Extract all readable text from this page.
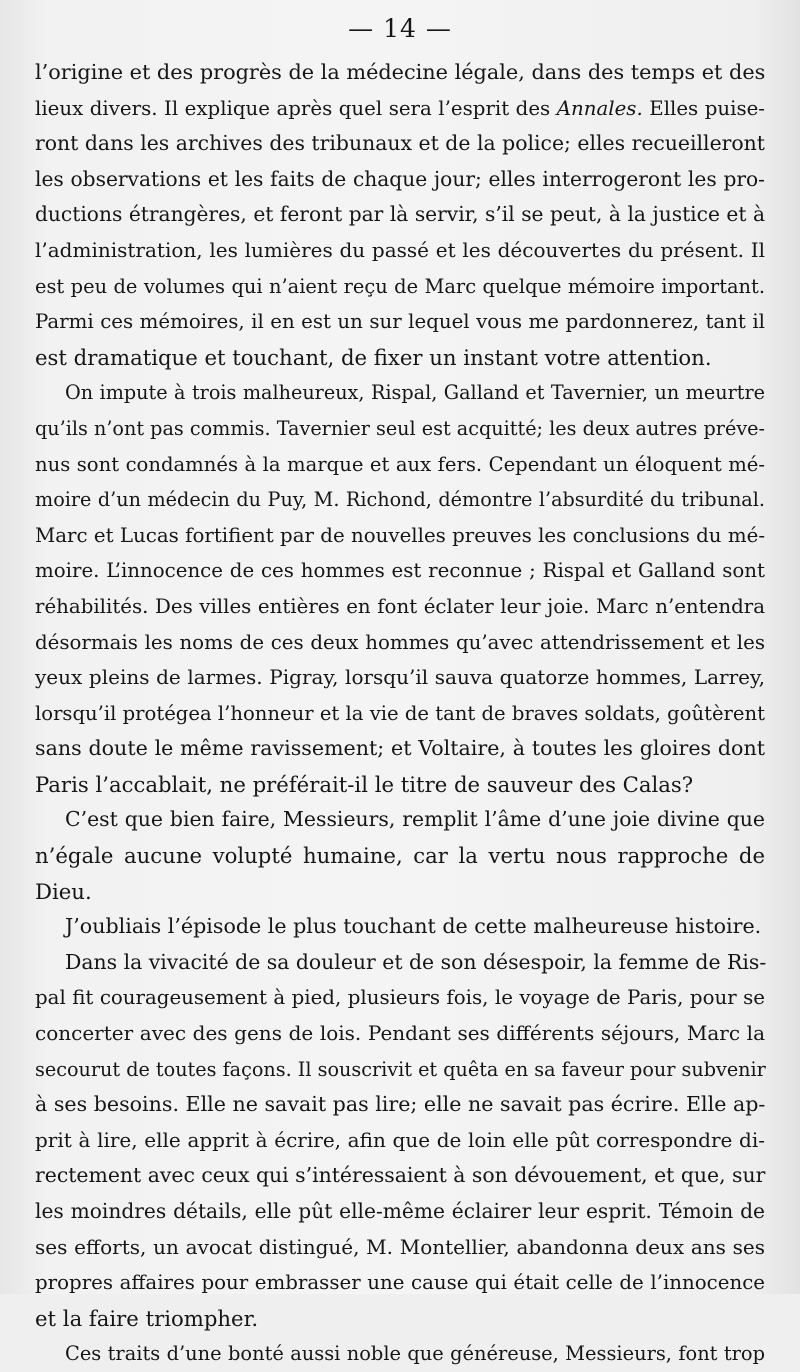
— 14 —
l’origine et des progrès de la médecine légale, dans des temps et des
lieux divers. Il explique après quel sera l’esprit des Annales. Elles puise-
ront dans les archives des tribunaux et de la police; elles recueilleront
les observations et les faits de chaque jour; elles interrogeront les pro-
ductions étrangères, et feront par là servir, s’il se peut, à la justice et à
l’administration, les lumières du passé et les découvertes du présent. Il
est peu de volumes qui n’aient reçu de Marc quelque mémoire important.
Parmi ces mémoires, il en est un sur lequel vous me pardonnerez, tant il
est dramatique et touchant, de fixer un instant votre attention.
On impute à trois malheureux, Rispal, Galland et Tavernier, un meurtre
qu’ils n’ont pas commis. Tavernier seul est acquitté; les deux autres préve-
nus sont condamnés à la marque et aux fers. Cependant un éloquent mé-
moire d’un médecin du Puy, M. Richond, démontre l’absurdité du tribunal.
Marc et Lucas fortifient par de nouvelles preuves les conclusions du mé-
moire. L’innocence de ces hommes est reconnue ; Rispal et Galland sont
réhabilités. Des villes entières en font éclater leur joie. Marc n’entendra
désormais les noms de ces deux hommes qu’avec attendrissement et les
yeux pleins de larmes. Pigray, lorsqu’il sauva quatorze hommes, Larrey,
lorsqu’il protégea l’honneur et la vie de tant de braves soldats, goûtèrent
sans doute le même ravissement; et Voltaire, à toutes les gloires dont
Paris l’accablait, ne préférait-il le titre de sauveur des Calas?
C’est que bien faire, Messieurs, remplit l’âme d’une joie divine que
n’égale aucune volupté humaine, car la vertu nous rapproche de
Dieu.
J’oubliais l’épisode le plus touchant de cette malheureuse histoire.
Dans la vivacité de sa douleur et de son désespoir, la femme de Ris-
pal fit courageusement à pied, plusieurs fois, le voyage de Paris, pour se
concerter avec des gens de lois. Pendant ses différents séjours, Marc la
secourut de toutes façons. Il souscrivit et quêta en sa faveur pour subvenir
à ses besoins. Elle ne savait pas lire; elle ne savait pas écrire. Elle ap-
prit à lire, elle apprit à écrire, afin que de loin elle pût correspondre di-
rectement avec ceux qui s’intéressaient à son dévouement, et que, sur
les moindres détails, elle pût elle-même éclairer leur esprit. Témoin de
ses efforts, un avocat distingué, M. Montellier, abandonna deux ans ses
propres affaires pour embrasser une cause qui était celle de l’innocence
et la faire triompher.
Ces traits d’une bonté aussi noble que généreuse, Messieurs, font trop
